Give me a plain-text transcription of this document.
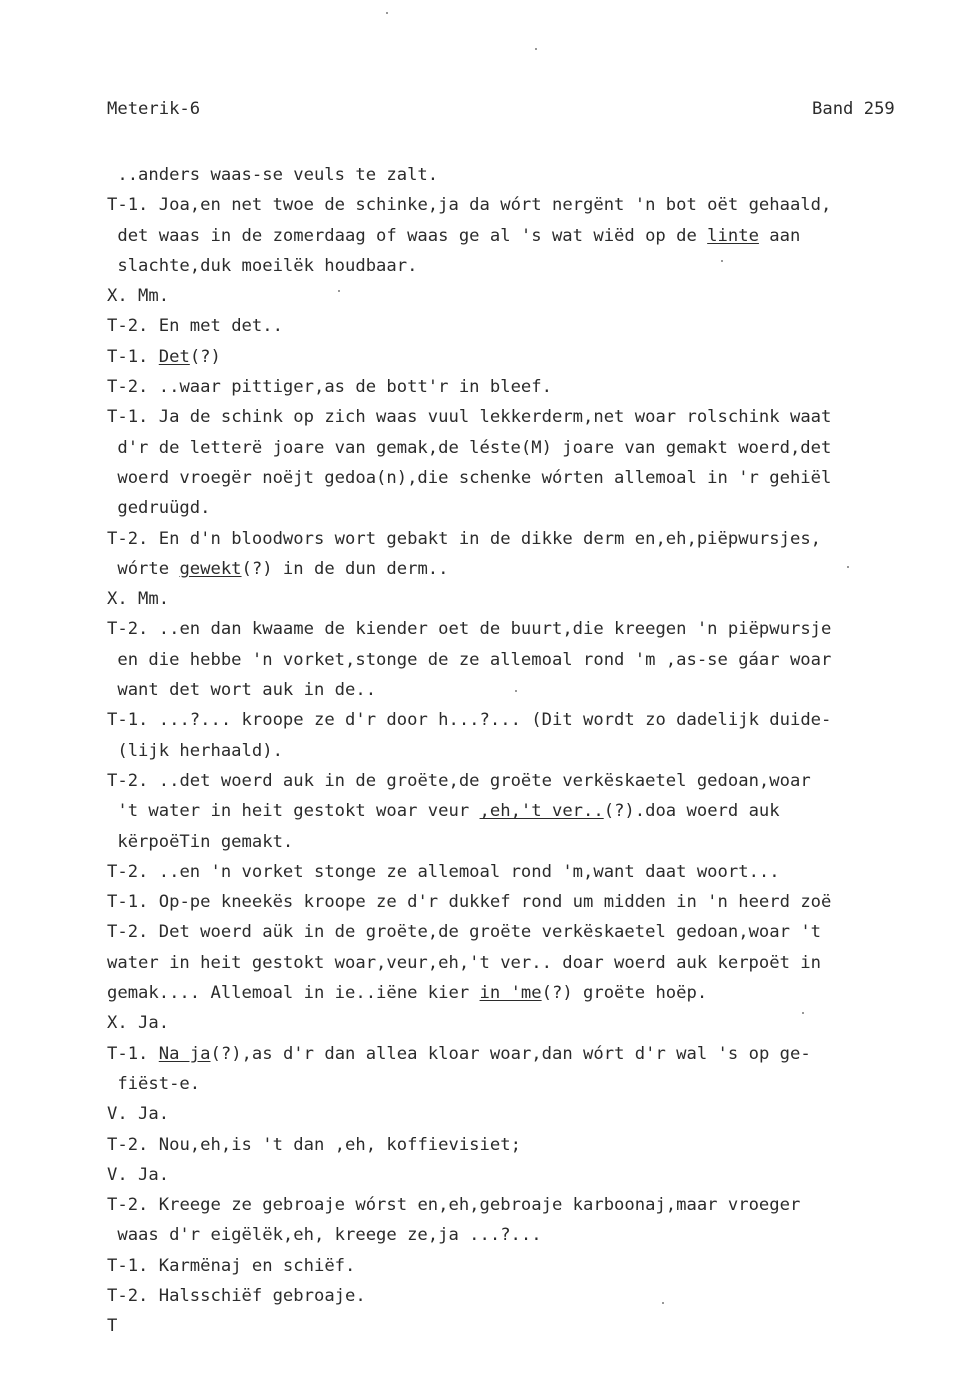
Meterik-6	Band 259
..anders waas-se veuls te zalt.
T-1. Joa,en net twoe de schinke,ja da wórt nergënt 'n bot oët gehaald,
det waas in de zomerdaag of waas ge al 's wat wiëd op de linte aan
slachte,duk moeilëk houdbaar.
X. Mm.
T-2. En met det..
T-1. Det(?)
T-2. ..waar pittiger,as de bott'r in bleef.
T-1. Ja de schink op zich waas vuul lekkerderm,net woar rolschink waat
d'r de letterë joare van gemak,de léste(M) joare van gemakt woerd,det
woerd vroegër noëjt gedoa(n),die schenke wórten allemoal in 'r gehiël
gedruügd.
T-2. En d'n bloodwors wort gebakt in de dikke derm en,eh,piëpwursjes,
wórte gewekt(?) in de dun derm..
X. Mm.
T-2. ..en dan kwaame de kiender oet de buurt,die kreegen 'n piëpwursje
en die hebbe 'n vorket,stonge de ze allemoal rond 'm ,as-se gáar woar
want det wort auk in de..
T-1. ...?... kroope ze d'r door h...?... (Dit wordt zo dadelijk duide-
(lijk herhaald).
T-2. ..det woerd auk in de groëte,de groëte verkëskaetel gedoan,woar
't water in heit gestokt woar veur ,eh,'t ver..(?).doa woerd auk
kërpoëTin gemakt.
T-2. ..en 'n vorket stonge ze allemoal rond 'm,want daat woort...
T-1. Op-pe kneekës kroope ze d'r dukkef rond um midden in 'n heerd zoë
T-2. Det woerd aük in de groëte,de groëte verkëskaetel gedoan,woar 't
water in heit gestokt woar,veur,eh,'t ver.. doar woerd auk kerpoët in
gemak.... Allemoal in ie..iëne kier in 'me(?) groëte hoëp.
X. Ja.
T-1. Na ja(?),as d'r dan allea kloar woar,dan wórt d'r wal 's op ge-
fiëst-e.
V. Ja.
T-2. Nou,eh,is 't dan ,eh, koffievisiet;
V. Ja.
T-2. Kreege ze gebroaje wórst en,eh,gebroaje karboonaj,maar vroeger
waas d'r eigëlëk,eh, kreege ze,ja ...?...
T-1. Karmënaj en schiëf.
T-2. Halsschiëf gebroaje.
T
